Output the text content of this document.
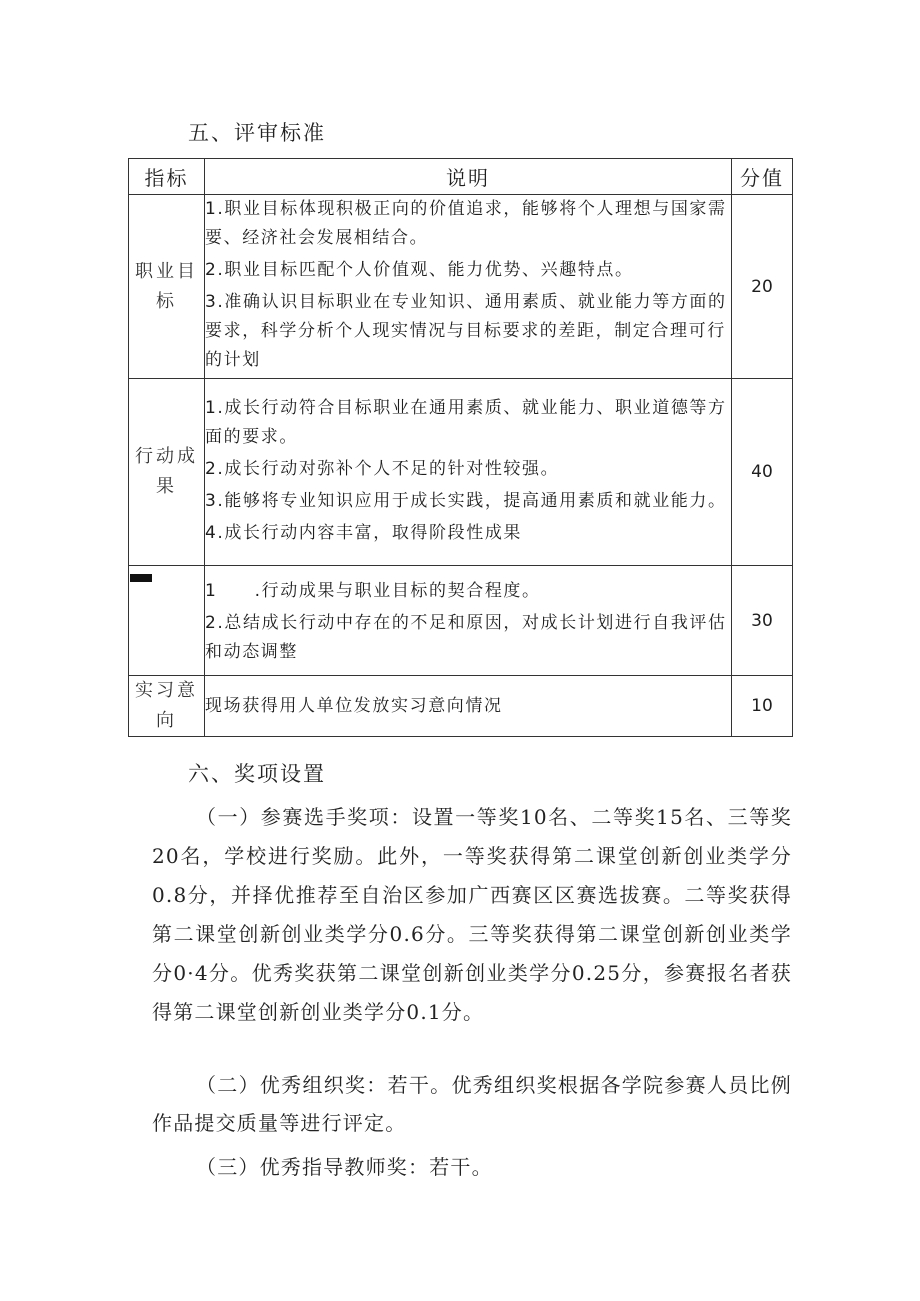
五、评审标准
指标	说明	分值
职业目标	1.职业目标体现积极正向的价值追求，能够将个人理想与国家需要、经济社会发展相结合。
2.职业目标匹配个人价值观、能力优势、兴趣特点。
3.准确认识目标职业在专业知识、通用素质、就业能力等方面的要求，科学分析个人现实情况与目标要求的差距，制定合理可行的计划	20
行动成果	1.成长行动符合目标职业在通用素质、就业能力、职业道德等方面的要求。
2.成长行动对弥补个人不足的针对性较强。
3.能够将专业知识应用于成长实践，提高通用素质和就业能力。
4.成长行动内容丰富，取得阶段性成果	40

	1　　.行动成果与职业目标的契合程度。
2.总结成长行动中存在的不足和原因，对成长计划进行自我评估和动态调整	30
实习意向	现场获得用人单位发放实习意向情况	10
六、奖项设置
（一）参赛选手奖项：设置一等奖10名、二等奖15名、三等奖20名，学校进行奖励。此外，一等奖获得第二课堂创新创业类学分0.8分，并择优推荐至自治区参加广西赛区区赛选拔赛。二等奖获得第二课堂创新创业类学分0.6分。三等奖获得第二课堂创新创业类学分0·4分。优秀奖获第二课堂创新创业类学分0.25分，参赛报名者获得第二课堂创新创业类学分0.1分。
（二）优秀组织奖：若干。优秀组织奖根据各学院参赛人员比例作品提交质量等进行评定。
（三）优秀指导教师奖：若干。
